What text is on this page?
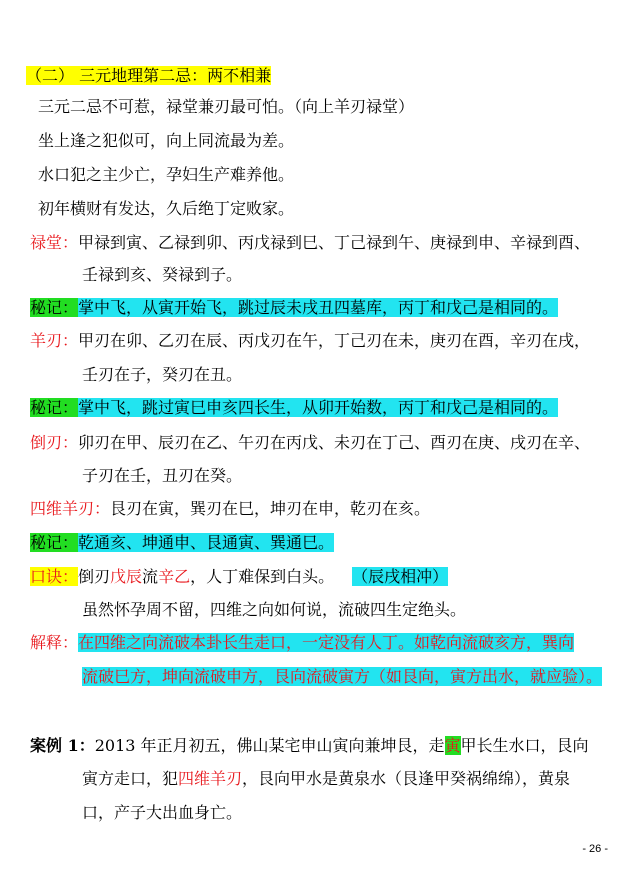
（二） 三元地理第二忌：两不相兼
三元二忌不可惹，禄堂兼刃最可怕。（向上羊刃禄堂）
坐上逢之犯似可，向上同流最为差。
水口犯之主少亡，孕妇生产难养他。
初年横财有发达，久后绝丁定败家。
禄堂：甲禄到寅、乙禄到卯、丙戊禄到巳、丁己禄到午、庚禄到申、辛禄到酉、
壬禄到亥、癸禄到子。
秘记：掌中飞，从寅开始飞，跳过辰未戌丑四墓库，丙丁和戊己是相同的。
羊刃：甲刃在卯、乙刃在辰、丙戊刃在午，丁己刃在未，庚刃在酉，辛刃在戌，
壬刃在子，癸刃在丑。
秘记：掌中飞，跳过寅巳申亥四长生，从卯开始数，丙丁和戊己是相同的。
倒刃：卯刃在甲、辰刃在乙、午刃在丙戊、未刃在丁己、酉刃在庚、戌刃在辛、
子刃在壬，丑刃在癸。
四维羊刃：艮刃在寅，巽刃在巳，坤刃在申，乾刃在亥。
秘记：乾通亥、坤通申、艮通寅、巽通巳。
口诀：倒刃戊辰流辛乙，人丁难保到白头。 （辰戌相冲）
虽然怀孕周不留，四维之向如何说，流破四生定绝头。
解释：在四维之向流破本卦长生走口，一定没有人丁。如乾向流破亥方，巽向
流破巳方，坤向流破申方，艮向流破寅方（如艮向，寅方出水，就应验）。
案例 1：2013 年正月初五，佛山某宅申山寅向兼坤艮，走寅甲长生水口，艮向
寅方走口，犯四维羊刃，艮向甲水是黄泉水（艮逢甲癸祸绵绵），黄泉
口，产子大出血身亡。
- 26 -
